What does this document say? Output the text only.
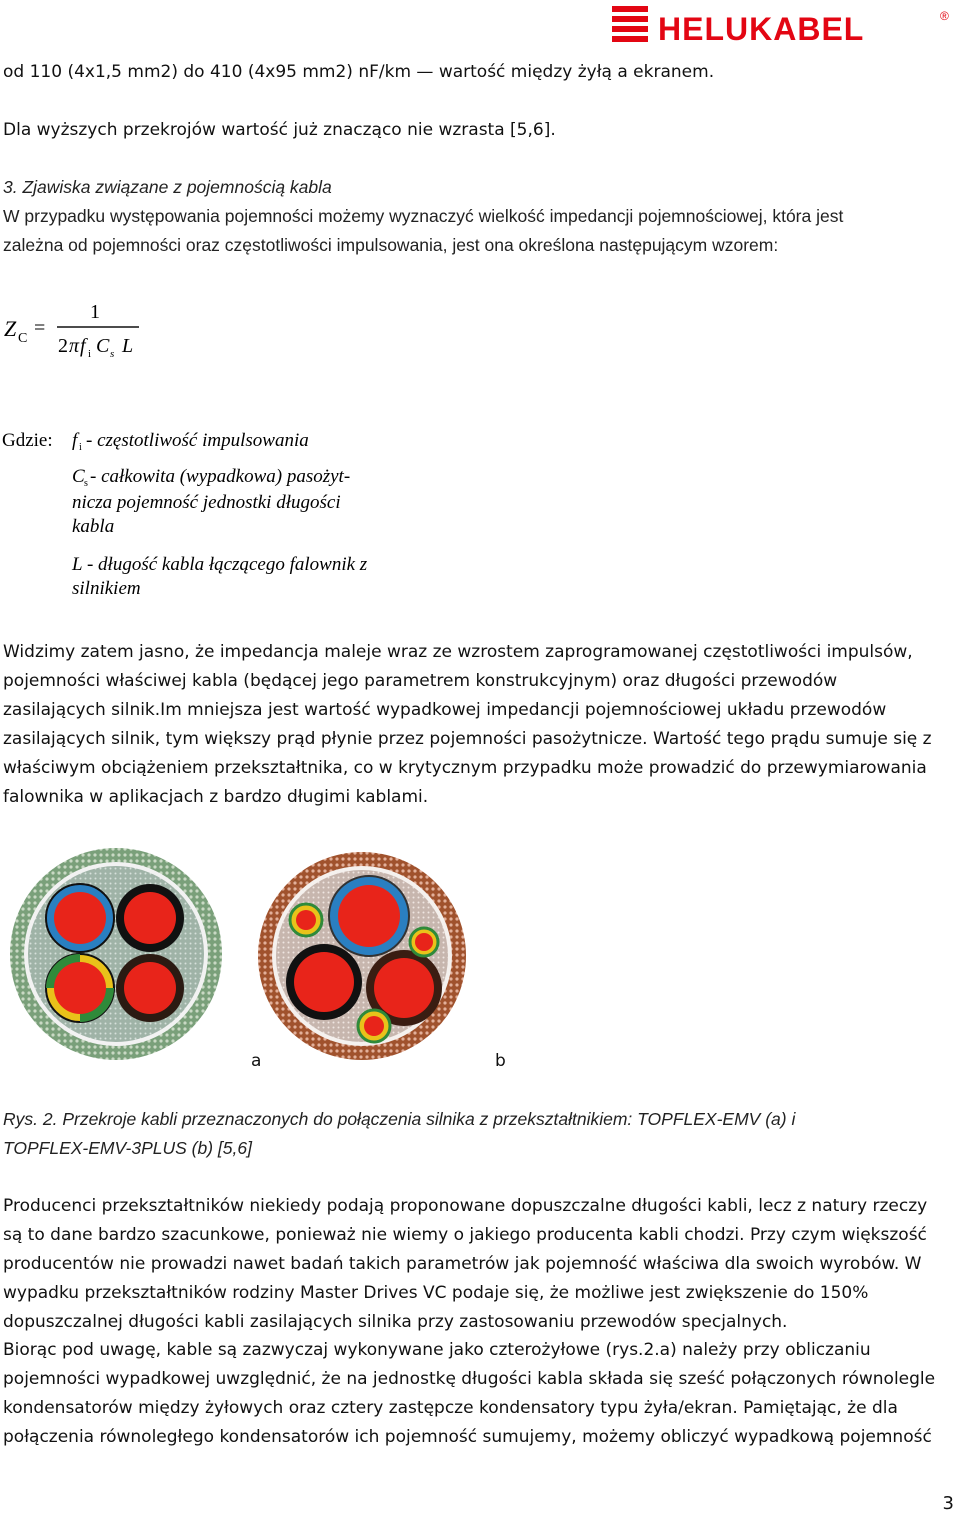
HELUKABEL	®
od 110 (4x1,5 mm2) do 410 (4x95 mm2) nF/km — wartość między żyłą a ekranem.
Dla wyższych przekrojów wartość już znacząco nie wzrasta [5,6].
3. Zjawiska związane z pojemnością kabla
W przypadku występowania pojemności możemy wyznaczyć wielkość impedancji pojemnościowej, która jest
zależna od pojemności oraz częstotliwości impulsowania, jest ona określona następującym wzorem:
Z C =
1
2 π f i C s L
Gdzie: f i - częstotliwość impulsowania
C s - całkowita (wypadkowa) pasożyt-
nicza pojemność jednostki długości
kabla
L - długość kabla łączącego falownik z
silnikiem
Widzimy zatem jasno, że impedancja maleje wraz ze wzrostem zaprogramowanej częstotliwości impulsów,
pojemności właściwej kabla (będącej jego parametrem konstrukcyjnym) oraz długości przewodów
zasilających silnik.Im mniejsza jest wartość wypadkowej impedancji pojemnościowej układu przewodów
zasilających silnik, tym większy prąd płynie przez pojemności pasożytnicze. Wartość tego prądu sumuje się z
właściwym obciążeniem przekształtnika, co w krytycznym przypadku może prowadzić do przewymiarowania
falownika w aplikacjach z bardzo długimi kablami.
a	b
Rys. 2. Przekroje kabli przeznaczonych do połączenia silnika z przekształtnikiem: TOPFLEX-EMV (a) i
TOPFLEX-EMV-3PLUS (b) [5,6]
Producenci przekształtników niekiedy podają proponowane dopuszczalne długości kabli, lecz z natury rzeczy
są to dane bardzo szacunkowe, ponieważ nie wiemy o jakiego producenta kabli chodzi. Przy czym większość
producentów nie prowadzi nawet badań takich parametrów jak pojemność właściwa dla swoich wyrobów. W
wypadku przekształtników rodziny Master Drives VC podaje się, że możliwe jest zwiększenie do 150%
dopuszczalnej długości kabli zasilających silnika przy zastosowaniu przewodów specjalnych.
Biorąc pod uwagę, kable są zazwyczaj wykonywane jako czterożyłowe (rys.2.a) należy przy obliczaniu
pojemności wypadkowej uwzględnić, że na jednostkę długości kabla składa się sześć połączonych równolegle
kondensatorów między żyłowych oraz cztery zastępcze kondensatory typu żyła/ekran. Pamiętając, że dla
połączenia równoległego kondensatorów ich pojemność sumujemy, możemy obliczyć wypadkową pojemność
3
